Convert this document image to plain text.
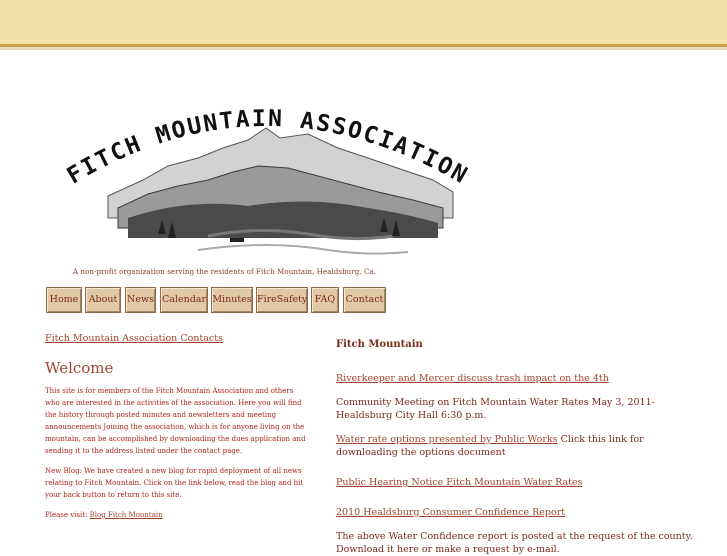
FITCH MOUNTAIN ASSOCIATION
A non-profit organization serving the residents of Fitch Mountain, Healdsburg, Ca.
Home	About	News Calendar Minutes FireSafety FAQ	Contact
Fitch Mountain Association Contacts
Welcome
This site is for members of the Fitch Mountain Association and others who are interested in the activities of the association. Here you will find the history through posted minutes and newsletters and meeting announcements Joining the association, which is for anyone living on the mountain, can be accomplished by downloading the dues application and sending it to the address listed under the contact page.
New Blog: We have created a new blog for rapid deployment of all news relating to Fitch Mountain. Click on the link below, read the blog and hit your back button to return to this site.
Please visit: Blog Fitch Mountain
Fitch Mountain
Riverkeeper and Mercer discuss trash impact on the 4th
Community Meeting on Fitch Mountain Water Rates May 3, 2011-Healdsburg City Hall 6:30 p.m.
Water rate options presented by Public Works Click this link for downloading the options document
Public Hearing Notice Fitch Mountain Water Rates
2010 Healdsburg Consumer Confidence Report
The above Water Confidence report is posted at the request of the county. Download it here or make a request by e-mail.
